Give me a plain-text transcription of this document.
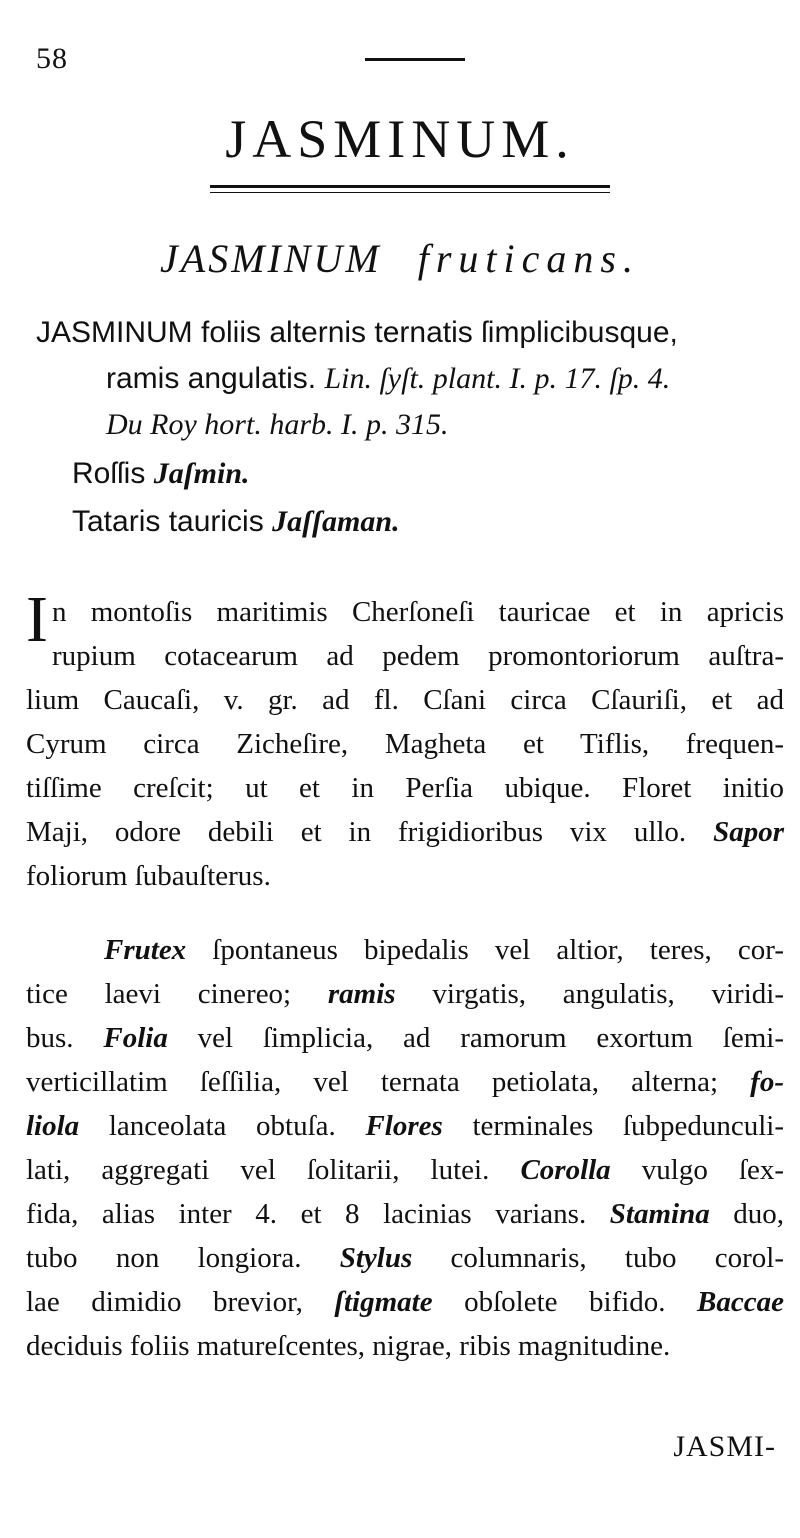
58
JASMINUM.
JASMINUM fruticans.
JASMINUM foliis alternis ternatis ſimplicibusque,
ramis angulatis. Lin. ſyſt. plant. I. p. 17. ſp. 4.
Du Roy hort. harb. I. p. 315.
Roſſis Jaſmin.
Tataris tauricis Jaſſaman.
I n montoſis maritimis Cherſoneſi tauricae et in apricis
rupium cotacearum ad pedem promontoriorum auſtra-
lium Caucaſi, v. gr. ad fl. Cſani circa Cſauriſi, et ad
Cyrum circa Zicheſire, Magheta et Tiflis, frequen-
tiſſime creſcit; ut et in Perſia ubique. Floret initio
Maji, odore debili et in frigidioribus vix ullo. Sapor
foliorum ſubauſterus.
Frutex ſpontaneus bipedalis vel altior, teres, cor-
tice laevi cinereo; ramis virgatis, angulatis, viridi-
bus. Folia vel ſimplicia, ad ramorum exortum ſemi-
verticillatim ſeſſilia, vel ternata petiolata, alterna; fo-
liola lanceolata obtuſa. Flores terminales ſubpedunculi-
lati, aggregati vel ſolitarii, lutei. Corolla vulgo ſex-
fida, alias inter 4. et 8 lacinias varians. Stamina duo,
tubo non longiora. Stylus columnaris, tubo corol-
lae dimidio brevior, ſtigmate obſolete bifido. Baccae
deciduis foliis matureſcentes, nigrae, ribis magnitudine.
JASMI-
